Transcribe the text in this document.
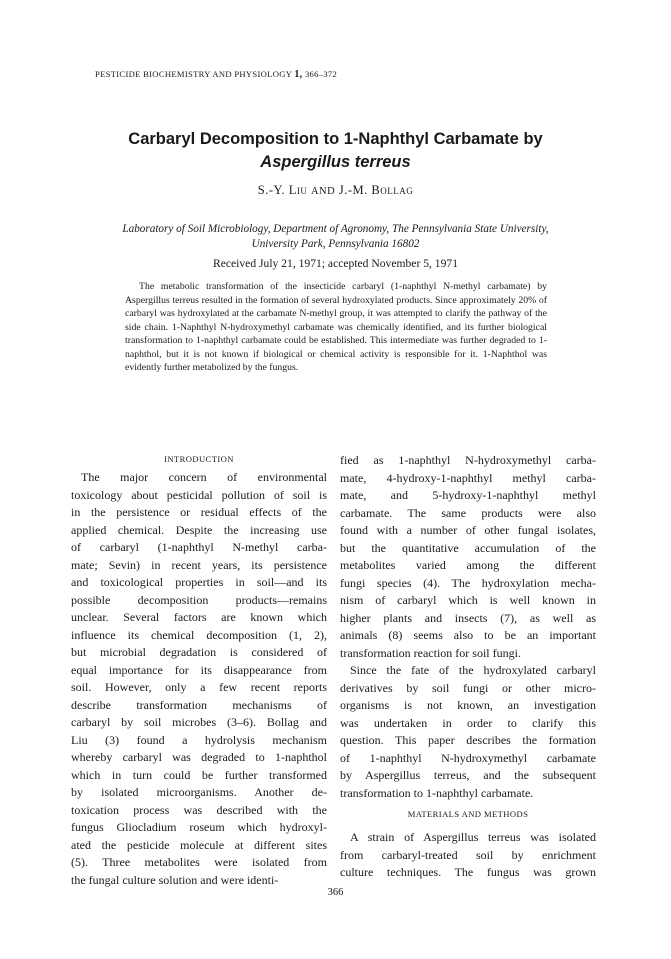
PESTICIDE BIOCHEMISTRY AND PHYSIOLOGY 1, 366–372
Carbaryl Decomposition to 1-Naphthyl Carbamate by
Aspergillus terreus
S.-Y. Liu AND J.-M. Bollag
Laboratory of Soil Microbiology, Department of Agronomy, The Pennsylvania State University,
University Park, Pennsylvania 16802
Received July 21, 1971; accepted November 5, 1971

The metabolic transformation of the insecticide carbaryl (1-naphthyl N-methyl carbamate) by Aspergillus terreus resulted in the formation of several hydroxylated products. Since approximately 20% of carbaryl was hydroxylated at the carbamate N-methyl group, it was attempted to clarify the pathway of the side chain. 1-Naphthyl N-hydroxymethyl carbamate was chemically identified, and its further biological transformation to 1-naphthyl carbamate could be established. This intermediate was further degraded to 1-naphthol, but it is not known if biological or chemical activity is responsible for it. 1-Naphthol was evidently further metabolized by the fungus.

INTRODUCTION

The major concern of environmental
toxicology about pesticidal pollution of soil is
in the persistence or residual effects of the
applied chemical. Despite the increasing use
of carbaryl (1-naphthyl N-methyl carba-
mate; Sevin) in recent years, its persistence
and toxicological properties in soil—and its
possible decomposition products—remains
unclear. Several factors are known which
influence its chemical decomposition (1, 2),
but microbial degradation is considered of
equal importance for its disappearance from
soil. However, only a few recent reports
describe transformation mechanisms of
carbaryl by soil microbes (3–6). Bollag and
Liu (3) found a hydrolysis mechanism
whereby carbaryl was degraded to 1-naphthol
which in turn could be further transformed
by isolated microorganisms. Another de-
toxication process was described with the
fungus Gliocladium roseum which hydroxyl-
ated the pesticide molecule at different sites
(5). Three metabolites were isolated from
the fungal culture solution and were identi-

fied as 1-naphthyl N-hydroxymethyl carba-
mate, 4-hydroxy-1-naphthyl methyl carba-
mate, and 5-hydroxy-1-naphthyl methyl
carbamate. The same products were also
found with a number of other fungal isolates,
but the quantitative accumulation of the
metabolites varied among the different
fungi species (4). The hydroxylation mecha-
nism of carbaryl which is well known in
higher plants and insects (7), as well as
animals (8) seems also to be an important
transformation reaction for soil fungi.

Since the fate of the hydroxylated carbaryl
derivatives by soil fungi or other micro-
organisms is not known, an investigation
was undertaken in order to clarify this
question. This paper describes the formation
of 1-naphthyl N-hydroxymethyl carbamate
by Aspergillus terreus, and the subsequent
transformation to 1-naphthyl carbamate.

MATERIALS AND METHODS

A strain of Aspergillus terreus was isolated
from carbaryl-treated soil by enrichment
culture techniques. The fungus was grown

366
